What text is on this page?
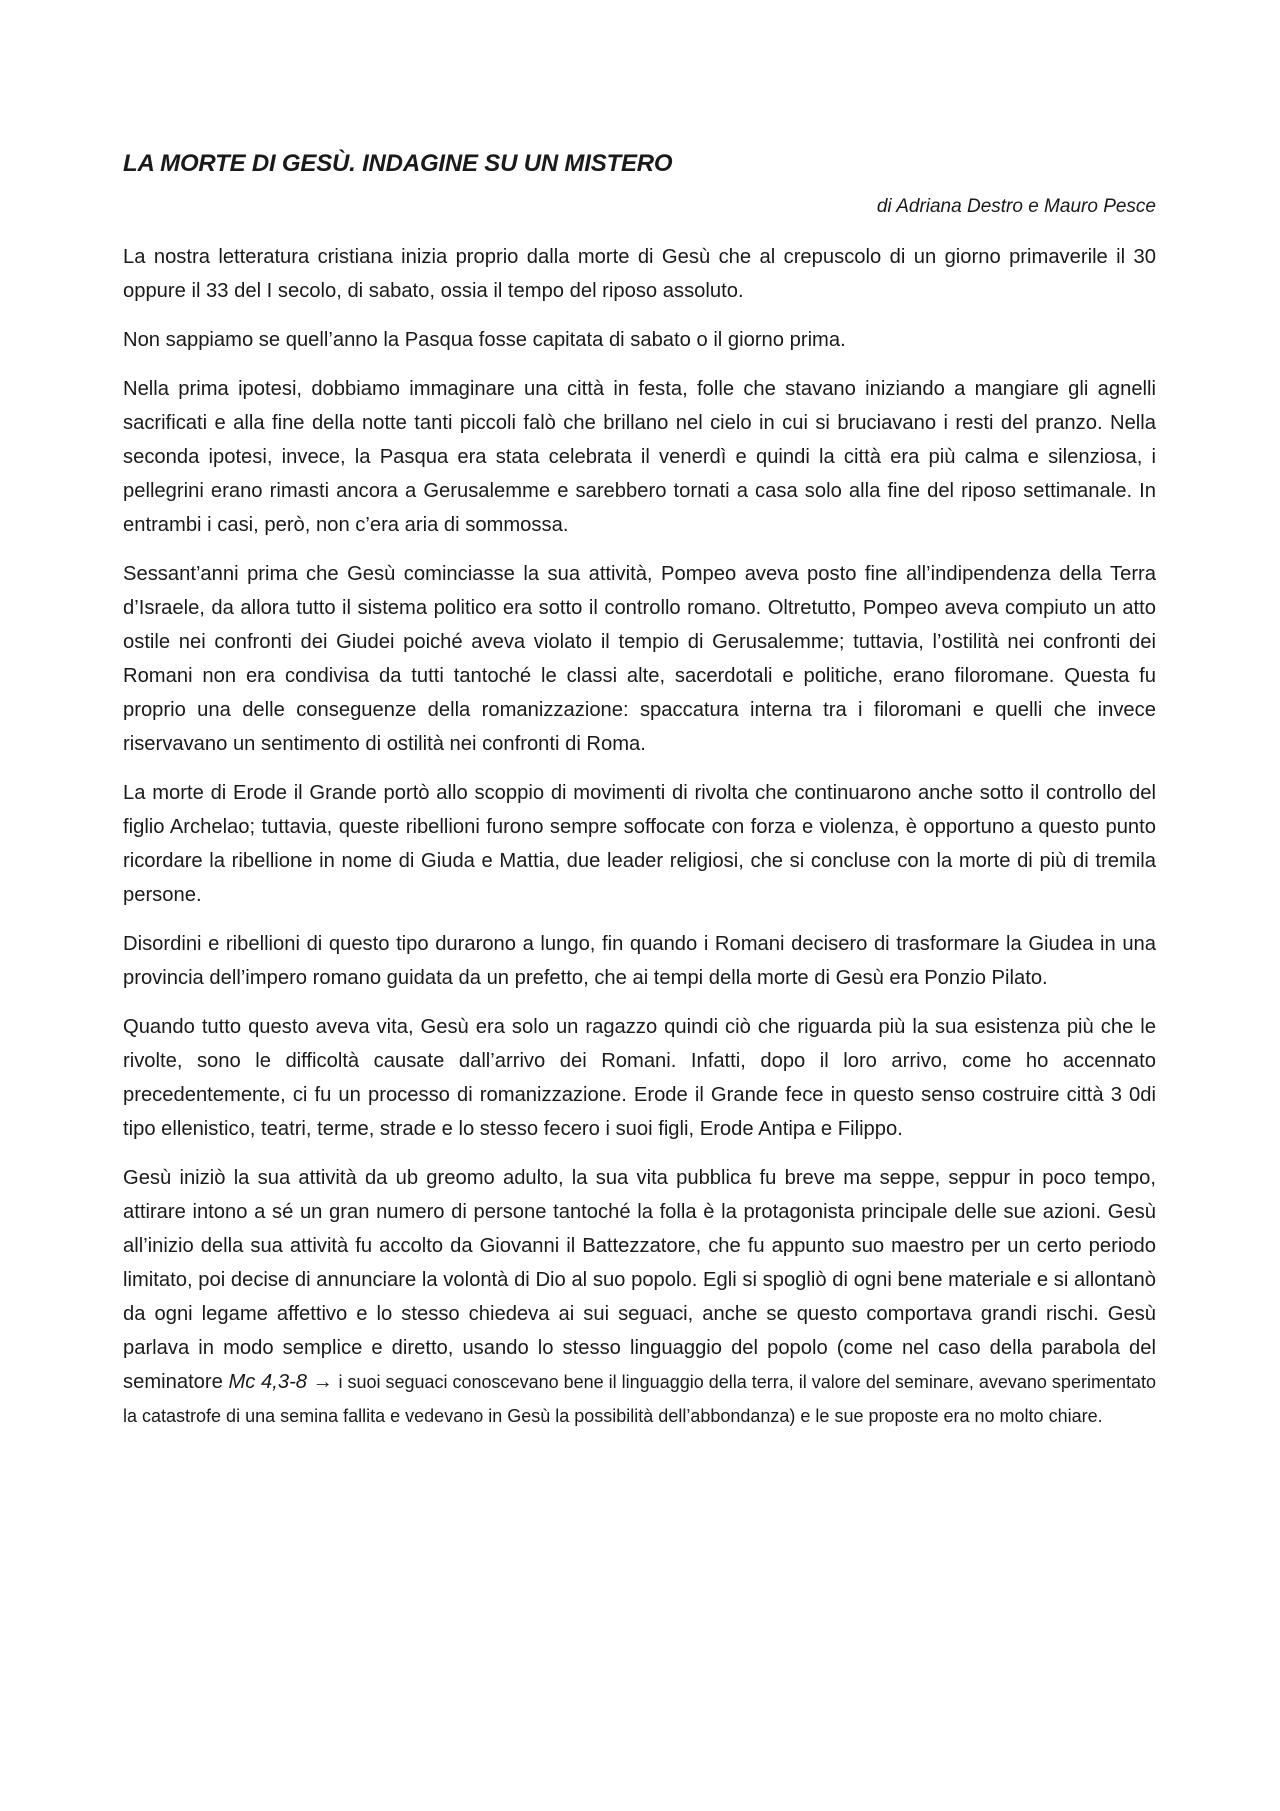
LA MORTE DI GESÙ. INDAGINE SU UN MISTERO
di Adriana Destro e Mauro Pesce

La nostra letteratura cristiana inizia proprio dalla morte di Gesù che al crepuscolo di un giorno primaverile il 30 oppure il 33 del I secolo, di sabato, ossia il tempo del riposo assoluto.

Non sappiamo se quell’anno la Pasqua fosse capitata di sabato o il giorno prima.

Nella prima ipotesi, dobbiamo immaginare una città in festa, folle che stavano iniziando a mangiare gli agnelli sacrificati e alla fine della notte tanti piccoli falò che brillano nel cielo in cui si bruciavano i resti del pranzo. Nella seconda ipotesi, invece, la Pasqua era stata celebrata il venerdì e quindi la città era più calma e silenziosa, i pellegrini erano rimasti ancora a Gerusalemme e sarebbero tornati a casa solo alla fine del riposo settimanale. In entrambi i casi, però, non c’era aria di sommossa.

Sessant’anni prima che Gesù cominciasse la sua attività, Pompeo aveva posto fine all’indipendenza della Terra d’Israele, da allora tutto il sistema politico era sotto il controllo romano. Oltretutto, Pompeo aveva compiuto un atto ostile nei confronti dei Giudei poiché aveva violato il tempio di Gerusalemme; tuttavia, l’ostilità nei confronti dei Romani non era condivisa da tutti tantoché le classi alte, sacerdotali e politiche, erano filoromane. Questa fu proprio una delle conseguenze della romanizzazione: spaccatura interna tra i filoromani e quelli che invece riservavano un sentimento di ostilità nei confronti di Roma.

La morte di Erode il Grande portò allo scoppio di movimenti di rivolta che continuarono anche sotto il controllo del figlio Archelao; tuttavia, queste ribellioni furono sempre soffocate con forza e violenza, è opportuno a questo punto ricordare la ribellione in nome di Giuda e Mattia, due leader religiosi, che si concluse con la morte di più di tremila persone.

Disordini e ribellioni di questo tipo durarono a lungo, fin quando i Romani decisero di trasformare la Giudea in una provincia dell’impero romano guidata da un prefetto, che ai tempi della morte di Gesù era Ponzio Pilato.

Quando tutto questo aveva vita, Gesù era solo un ragazzo quindi ciò che riguarda più la sua esistenza più che le rivolte, sono le difficoltà causate dall’arrivo dei Romani. Infatti, dopo il loro arrivo, come ho accennato precedentemente, ci fu un processo di romanizzazione. Erode il Grande fece in questo senso costruire città 3 0di tipo ellenistico, teatri, terme, strade e lo stesso fecero i suoi figli, Erode Antipa e Filippo.

Gesù iniziò la sua attività da ub greomo adulto, la sua vita pubblica fu breve ma seppe, seppur in poco tempo, attirare intono a sé un gran numero di persone tantoché la folla è la protagonista principale delle sue azioni. Gesù all’inizio della sua attività fu accolto da Giovanni il Battezzatore, che fu appunto suo maestro per un certo periodo limitato, poi decise di annunciare la volontà di Dio al suo popolo. Egli si spogliò di ogni bene materiale e si allontanò da ogni legame affettivo e lo stesso chiedeva ai sui seguaci, anche se questo comportava grandi rischi. Gesù parlava in modo semplice e diretto, usando lo stesso linguaggio del popolo (come nel caso della parabola del seminatore Mc 4,3-8 → i suoi seguaci conoscevano bene il linguaggio della terra, il valore del seminare, avevano sperimentato la catastrofe di una semina fallita e vedevano in Gesù la possibilità dell’abbondanza) e le sue proposte era no molto chiare.
